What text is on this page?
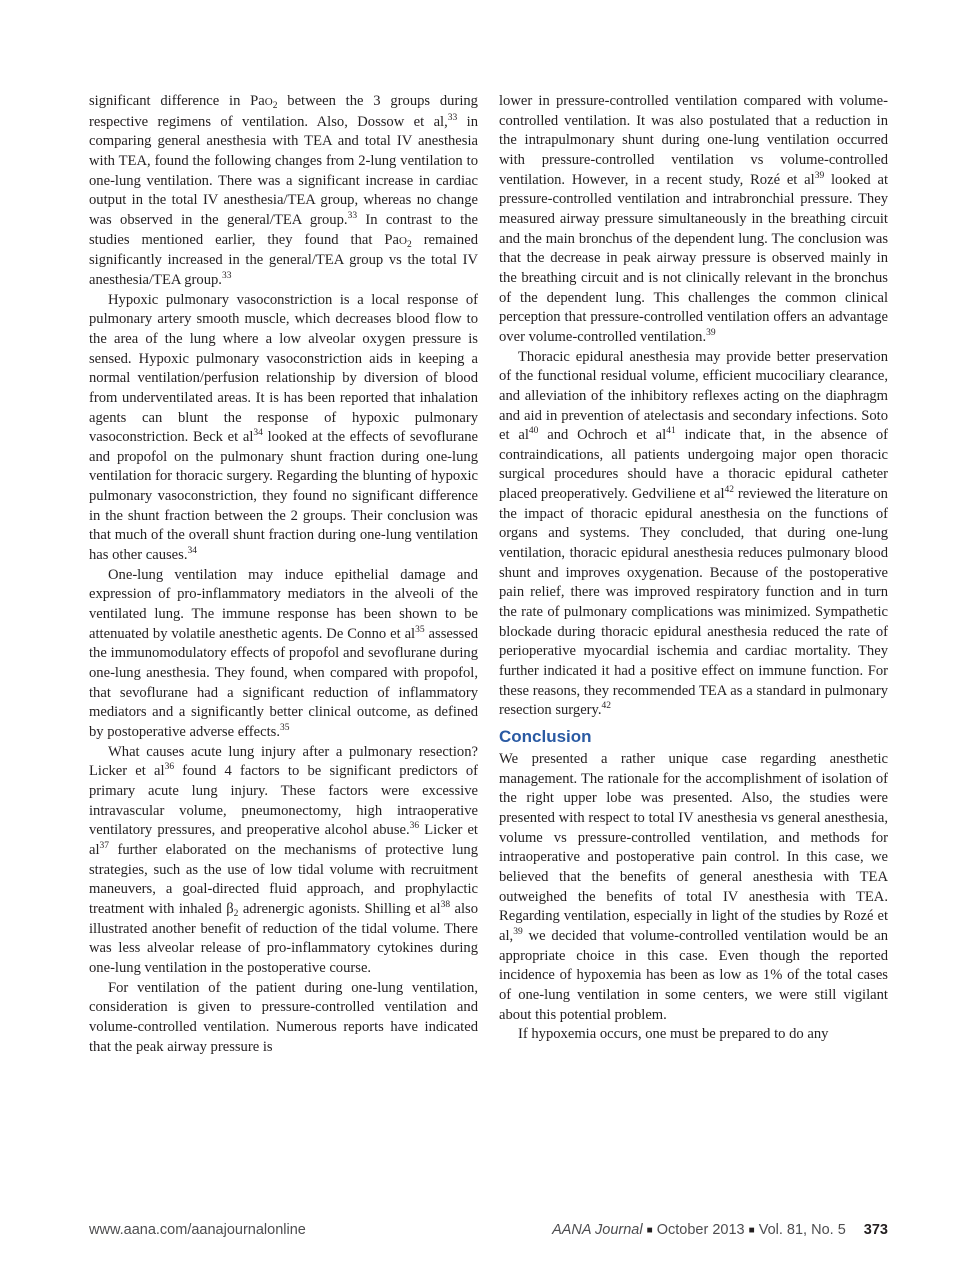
significant difference in PaO$_2$ between the 3 groups during respective regimens of ventilation. Also, Dossow et al,$^{33}$ in comparing general anesthesia with TEA and total IV anesthesia with TEA, found the following changes from 2-lung ventilation to one-lung ventilation. There was a significant increase in cardiac output in the total IV anesthesia/TEA group, whereas no change was observed in the general/TEA group.$^{33}$ In contrast to the studies mentioned earlier, they found that PaO$_2$ remained significantly increased in the general/TEA group vs the total IV anesthesia/TEA group.$^{33}$

Hypoxic pulmonary vasoconstriction is a local response of pulmonary artery smooth muscle, which decreases blood flow to the area of the lung where a low alveolar oxygen pressure is sensed. Hypoxic pulmonary vasoconstriction aids in keeping a normal ventilation/perfusion relationship by diversion of blood from underventilated areas. It is has been reported that inhalation agents can blunt the response of hypoxic pulmonary vasoconstriction. Beck et $al^{34}$ looked at the effects of sevoflurane and propofol on the pulmonary shunt fraction during one-lung ventilation for thoracic surgery. Regarding the blunting of hypoxic pulmonary vasoconstriction, they found no significant difference in the shunt fraction between the 2 groups. Their conclusion was that much of the overall shunt fraction during one-lung ventilation has other causes.$^{34}$

One-lung ventilation may induce epithelial damage and expression of pro-inflammatory mediators in the alveoli of the ventilated lung. The immune response has been shown to be attenuated by volatile anesthetic agents. De Conno et $al^{35}$ assessed the immunomodulatory effects of propofol and sevoflurane during one-lung anesthesia. They found, when compared with propofol, that sevoflurane had a significant reduction of inflammatory mediators and a significantly better clinical outcome, as defined by postoperative adverse effects.$^{35}$

What causes acute lung injury after a pulmonary resection? Licker et $al^{36}$ found 4 factors to be significant predictors of primary acute lung injury. These factors were excessive intravascular volume, pneumonectomy, high intraoperative ventilatory pressures, and preoperative alcohol abuse.$^{36}$ Licker et $al^{37}$ further elaborated on the mechanisms of protective lung strategies, such as the use of low tidal volume with recruitment maneuvers, a goal-directed fluid approach, and prophylactic treatment with inhaled $\beta_2$ adrenergic agonists. Shilling et $al^{38}$ also illustrated another benefit of reduction of the tidal volume. There was less alveolar release of pro-inflammatory cytokines during one-lung ventilation in the postoperative course.

For ventilation of the patient during one-lung ventilation, consideration is given to pressure-controlled ventilation and volume-controlled ventilation. Numerous reports have indicated that the peak airway pressure is

lower in pressure-controlled ventilation compared with volume-controlled ventilation. It was also postulated that a reduction in the intrapulmonary shunt during one-lung ventilation occurred with pressure-controlled ventilation vs volume-controlled ventilation. However, in a recent study, Rozé et $al^{39}$ looked at pressure-controlled ventilation and intrabronchial pressure. They measured airway pressure simultaneously in the breathing circuit and the main bronchus of the dependent lung. The conclusion was that the decrease in peak airway pressure is observed mainly in the breathing circuit and is not clinically relevant in the bronchus of the dependent lung. This challenges the common clinical perception that pressure-controlled ventilation offers an advantage over volume-controlled ventilation.$^{39}$

Thoracic epidural anesthesia may provide better preservation of the functional residual volume, efficient mucociliary clearance, and alleviation of the inhibitory reflexes acting on the diaphragm and aid in prevention of atelectasis and secondary infections. Soto et $al^{40}$ and Ochroch et $al^{41}$ indicate that, in the absence of contraindications, all patients undergoing major open thoracic surgical procedures should have a thoracic epidural catheter placed preoperatively. Gedviliene et $al^{42}$ reviewed the literature on the impact of thoracic epidural anesthesia on the functions of organs and systems. They concluded, that during one-lung ventilation, thoracic epidural anesthesia reduces pulmonary blood shunt and improves oxygenation. Because of the postoperative pain relief, there was improved respiratory function and in turn the rate of pulmonary complications was minimized. Sympathetic blockade during thoracic epidural anesthesia reduced the rate of perioperative myocardial ischemia and cardiac mortality. They further indicated it had a positive effect on immune function. For these reasons, they recommended TEA as a standard in pulmonary resection surgery.$^{42}$

Conclusion

We presented a rather unique case regarding anesthetic management. The rationale for the accomplishment of isolation of the right upper lobe was presented. Also, the studies were presented with respect to total IV anesthesia vs general anesthesia, volume vs pressure-controlled ventilation, and methods for intraoperative and postoperative pain control. In this case, we believed that the benefits of general anesthesia with TEA outweighed the benefits of total IV anesthesia with TEA. Regarding ventilation, especially in light of the studies by Rozé et al,$^{39}$ we decided that volume-controlled ventilation would be an appropriate choice in this case. Even though the reported incidence of hypoxemia has been as low as 1% of the total cases of one-lung ventilation in some centers, we were still vigilant about this potential problem.

If hypoxemia occurs, one must be prepared to do any

www.aana.com/aanajournalonline	AANA Journal ■ October 2013 ■ Vol. 81, No. 5 373
